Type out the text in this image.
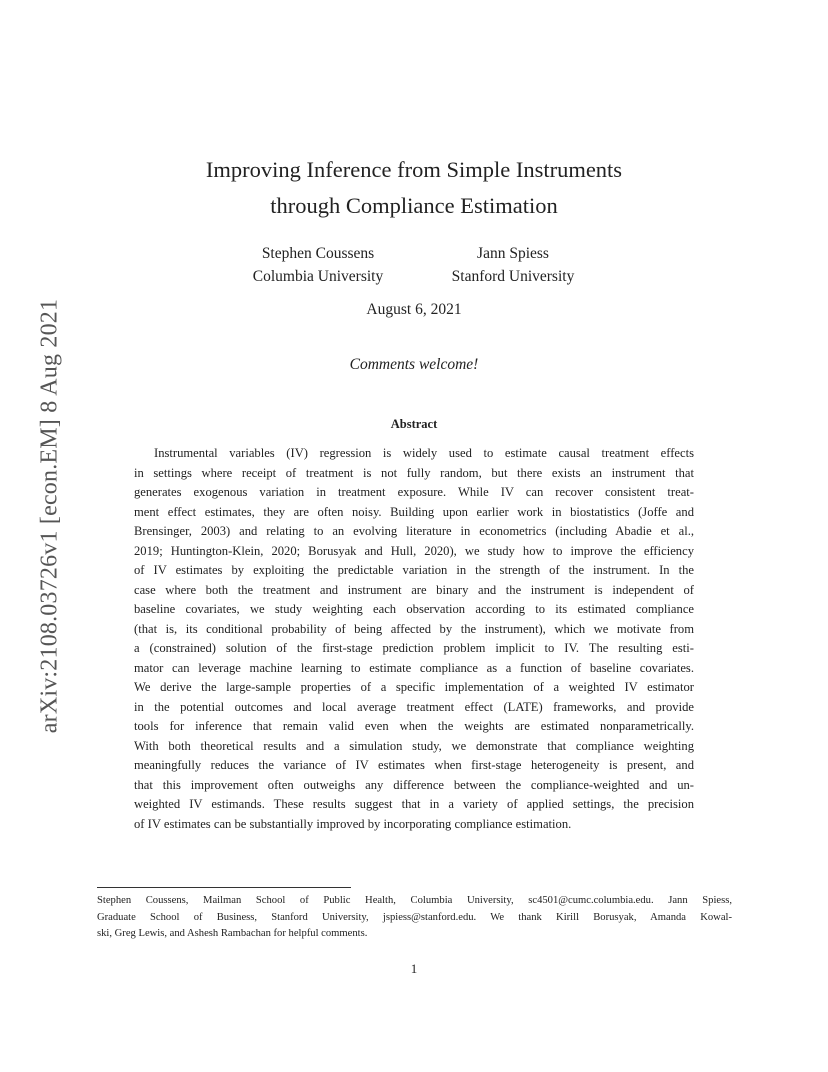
arXiv:2108.03726v1 [econ.EM] 8 Aug 2021
Improving Inference from Simple Instruments
through Compliance Estimation
Stephen Coussens
Columbia University
Jann Spiess
Stanford University
August 6, 2021
Comments welcome!
Abstract
Instrumental variables (IV) regression is widely used to estimate causal treatment effects
in settings where receipt of treatment is not fully random, but there exists an instrument that
generates exogenous variation in treatment exposure. While IV can recover consistent treat-
ment effect estimates, they are often noisy. Building upon earlier work in biostatistics (Joffe and
Brensinger, 2003) and relating to an evolving literature in econometrics (including Abadie et al.,
2019; Huntington-Klein, 2020; Borusyak and Hull, 2020), we study how to improve the efficiency
of IV estimates by exploiting the predictable variation in the strength of the instrument. In the
case where both the treatment and instrument are binary and the instrument is independent of
baseline covariates, we study weighting each observation according to its estimated compliance
(that is, its conditional probability of being affected by the instrument), which we motivate from
a (constrained) solution of the first-stage prediction problem implicit to IV. The resulting esti-
mator can leverage machine learning to estimate compliance as a function of baseline covariates.
We derive the large-sample properties of a specific implementation of a weighted IV estimator
in the potential outcomes and local average treatment effect (LATE) frameworks, and provide
tools for inference that remain valid even when the weights are estimated nonparametrically.
With both theoretical results and a simulation study, we demonstrate that compliance weighting
meaningfully reduces the variance of IV estimates when first-stage heterogeneity is present, and
that this improvement often outweighs any difference between the compliance-weighted and un-
weighted IV estimands. These results suggest that in a variety of applied settings, the precision
of IV estimates can be substantially improved by incorporating compliance estimation.
Stephen Coussens, Mailman School of Public Health, Columbia University, sc4501@cumc.columbia.edu. Jann Spiess,
Graduate School of Business, Stanford University, jspiess@stanford.edu. We thank Kirill Borusyak, Amanda Kowal-
ski, Greg Lewis, and Ashesh Rambachan for helpful comments.
1
